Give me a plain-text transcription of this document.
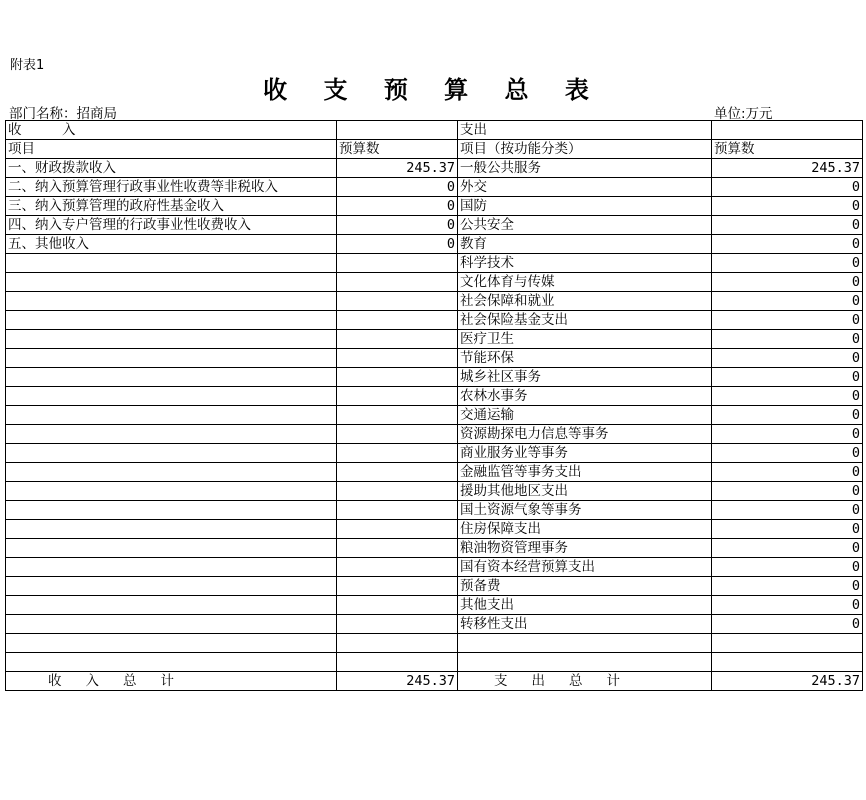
附表1
收 支 预 算 总 表
部门名称：招商局	单位:万元
收　　　入		支出	
项目	预算数	项目（按功能分类）	预算数
一、财政拨款收入	245.37	一般公共服务	245.37
二、纳入预算管理行政事业性收费等非税收入	0	外交	0
三、纳入预算管理的政府性基金收入	0	国防	0
四、纳入专户管理的行政事业性收费收入	0	公共安全	0
五、其他收入	0	教育	0
		科学技术	0
		文化体育与传媒	0
		社会保障和就业	0
		社会保险基金支出	0
		医疗卫生	0
		节能环保	0
		城乡社区事务	0
		农林水事务	0
		交通运输	0
		资源勘探电力信息等事务	0
		商业服务业等事务	0
		金融监管等事务支出	0
		援助其他地区支出	0
		国土资源气象等事务	0
		住房保障支出	0
		粮油物资管理事务	0
		国有资本经营预算支出	0
		预备费	0
		其他支出	0
		转移性支出	0

收入总计	245.37	支出总计	245.37
